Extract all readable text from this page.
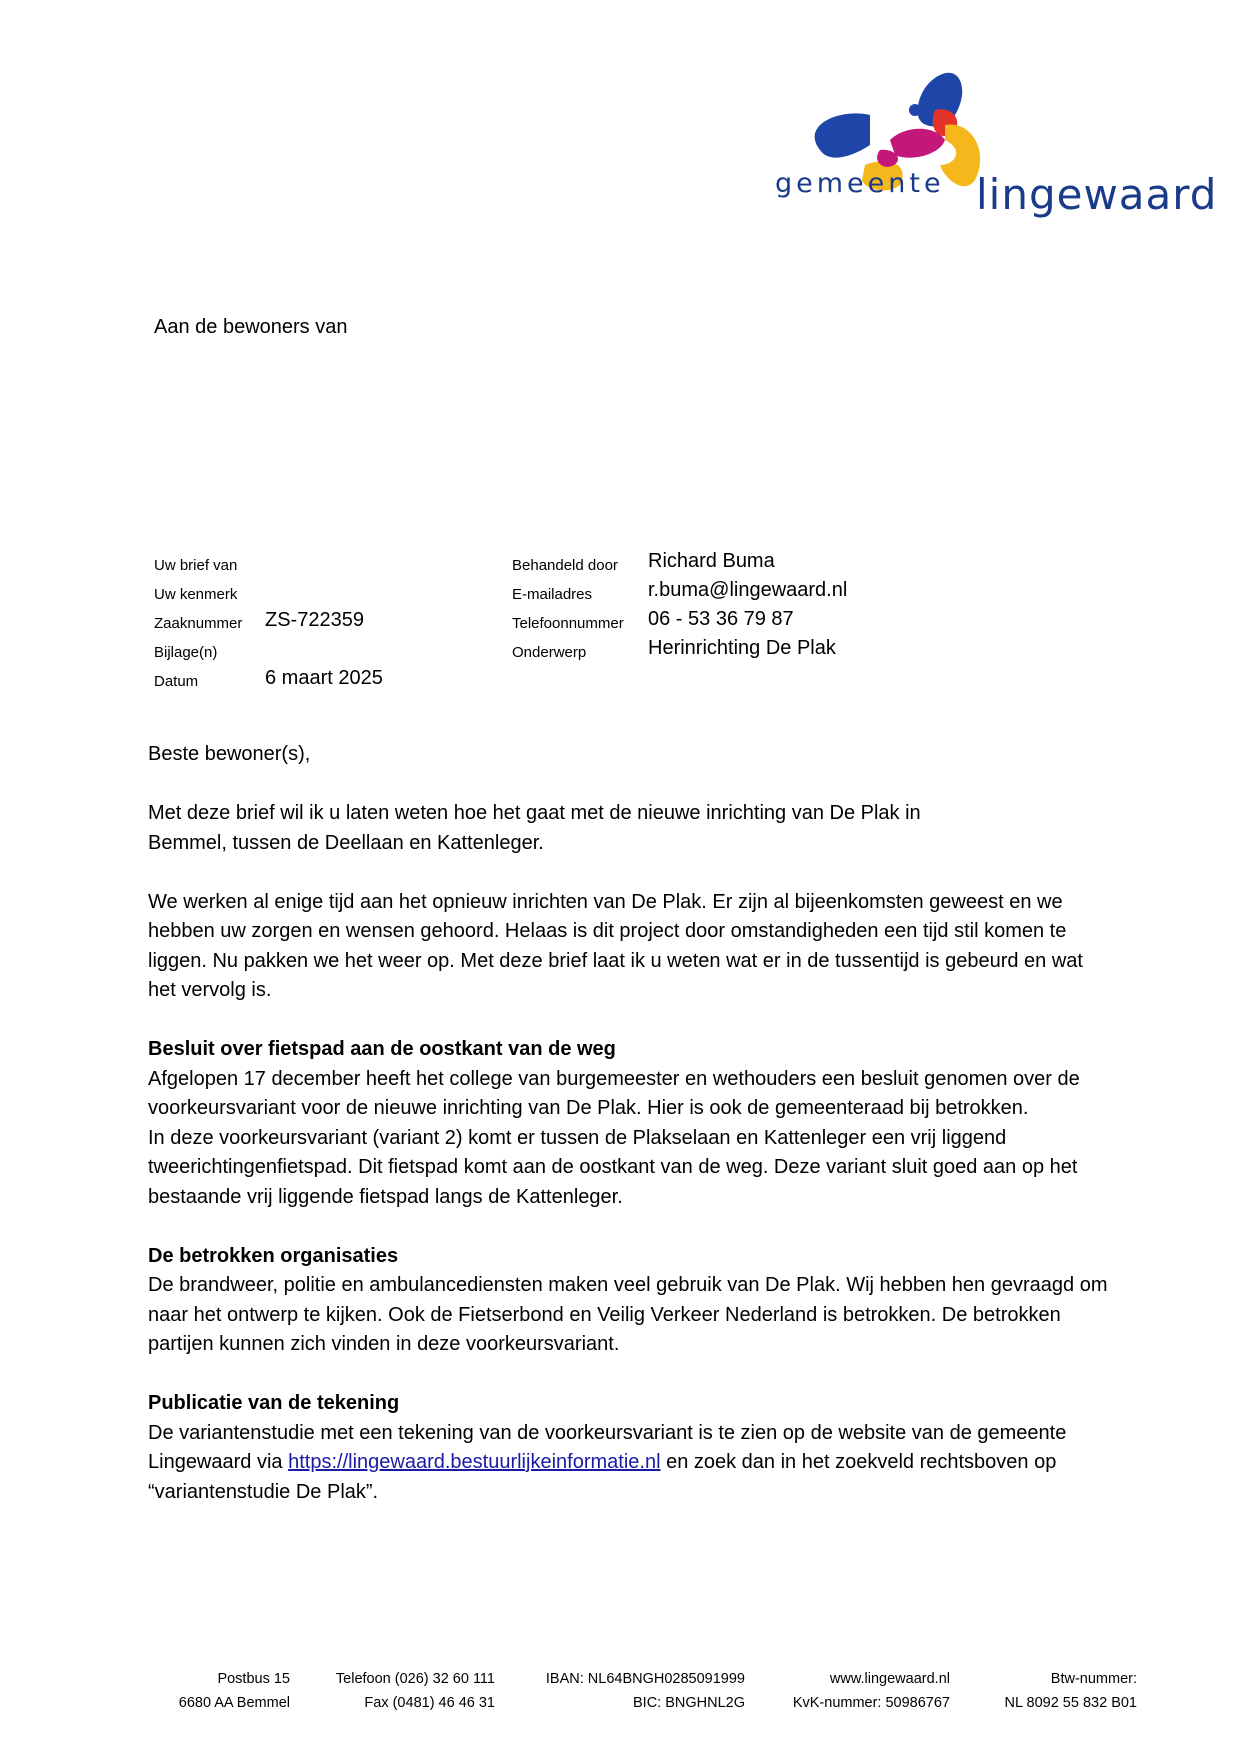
gemeente lingewaard
Aan de bewoners van
Uw brief van
Uw kenmerk
Zaaknummer ZS-722359
Bijlage(n)
Datum	6 maart 2025
Behandeld door Richard Buma
E-mailadres	r.buma@lingewaard.nl
Telefoonnummer 06 - 53 36 79 87
Onderwerp	Herinrichting De Plak

Beste bewoner(s),

Met deze brief wil ik u laten weten hoe het gaat met de nieuwe inrichting van De Plak in

Bemmel, tussen de Deellaan en Kattenleger.

We werken al enige tijd aan het opnieuw inrichten van De Plak. Er zijn al bijeenkomsten geweest en we

hebben uw zorgen en wensen gehoord. Helaas is dit project door omstandigheden een tijd stil komen te

liggen. Nu pakken we het weer op. Met deze brief laat ik u weten wat er in de tussentijd is gebeurd en wat

het vervolg is.

Besluit over fietspad aan de oostkant van de weg

Afgelopen 17 december heeft het college van burgemeester en wethouders een besluit genomen over de

voorkeursvariant voor de nieuwe inrichting van De Plak. Hier is ook de gemeenteraad bij betrokken.

In deze voorkeursvariant (variant 2) komt er tussen de Plakselaan en Kattenleger een vrij liggend

tweerichtingenfietspad. Dit fietspad komt aan de oostkant van de weg. Deze variant sluit goed aan op het

bestaande vrij liggende fietspad langs de Kattenleger.

De betrokken organisaties

De brandweer, politie en ambulancediensten maken veel gebruik van De Plak. Wij hebben hen gevraagd om

naar het ontwerp te kijken. Ook de Fietserbond en Veilig Verkeer Nederland is betrokken. De betrokken

partijen kunnen zich vinden in deze voorkeursvariant.

Publicatie van de tekening

De variantenstudie met een tekening van de voorkeursvariant is te zien op de website van de gemeente

Lingewaard via https://lingewaard.bestuurlijkeinformatie.nl en zoek dan in het zoekveld rechtsboven op

“variantenstudie De Plak”.

Postbus 15
6680 AA Bemmel
Telefoon (026) 32 60 111
Fax (0481) 46 46 31
IBAN: NL64BNGH0285091999
BIC: BNGHNL2G
www.lingewaard.nl
KvK-nummer: 50986767
Btw-nummer:
NL 8092 55 832 B01
